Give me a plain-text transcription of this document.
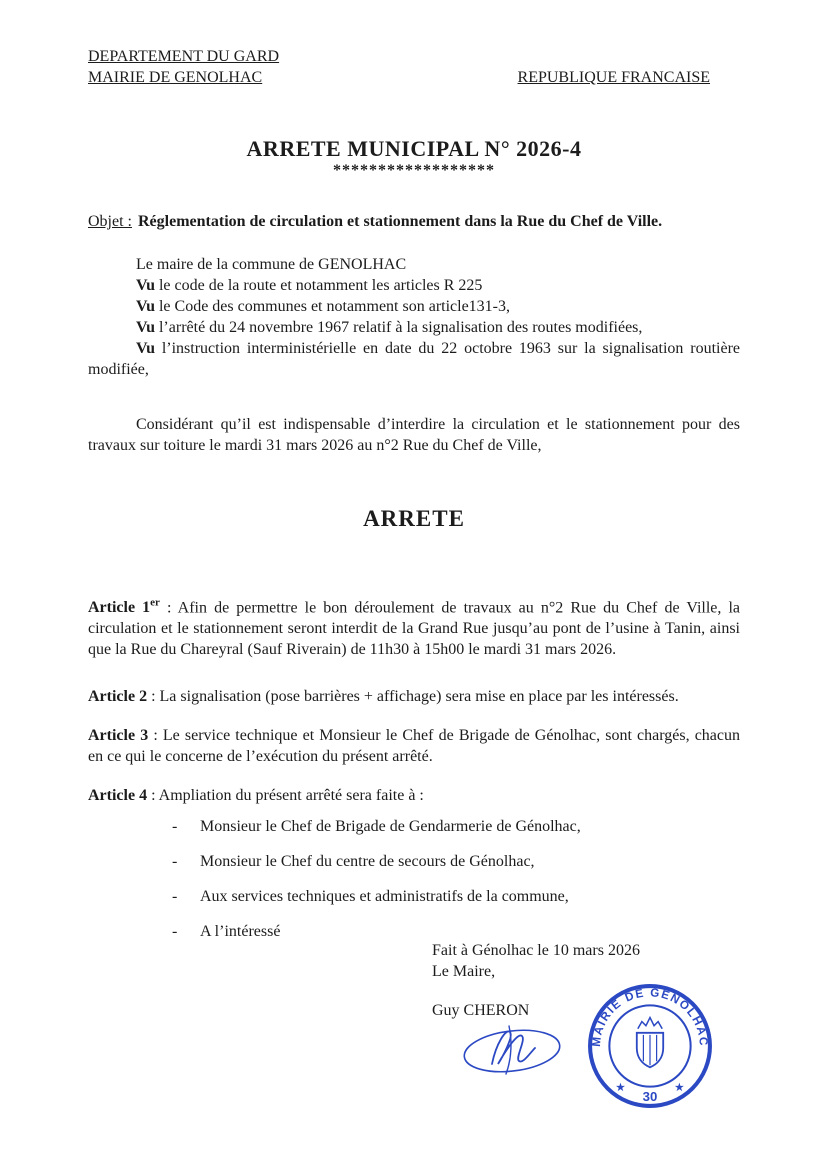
DEPARTEMENT DU GARD
MAIRIE DE GENOLHAC	REPUBLIQUE FRANCAISE
ARRETE MUNICIPAL N° 2026-4
******************

Objet : Réglementation de circulation et stationnement dans la Rue du Chef de Ville.

Le maire de la commune de GENOLHAC

Vu le code de la route et notamment les articles R 225

Vu le Code des communes et notamment son article131-3,

Vu l’arrêté du 24 novembre 1967 relatif à la signalisation des routes modifiées,

Vu l’instruction interministérielle en date du 22 octobre 1963 sur la signalisation routière modifiée,

Considérant qu’il est indispensable d’interdire la circulation et le stationnement pour des travaux sur toiture le mardi 31 mars 2026 au n°2 Rue du Chef de Ville,

ARRETE

Article 1er : Afin de permettre le bon déroulement de travaux au n°2 Rue du Chef de Ville, la circulation et le stationnement seront interdit de la Grand Rue jusqu’au pont de l’usine à Tanin, ainsi que la Rue du Chareyral (Sauf Riverain) de 11h30 à 15h00 le mardi 31 mars 2026.

Article 2 : La signalisation (pose barrières + affichage) sera mise en place par les intéressés.

Article 3 : Le service technique et Monsieur le Chef de Brigade de Génolhac, sont chargés, chacun en ce qui le concerne de l’exécution du présent arrêté.

Article 4 : Ampliation du présent arrêté sera faite à :

- Monsieur le Chef de Brigade de Gendarmerie de Génolhac,
- Monsieur le Chef du centre de secours de Génolhac,
- Aux services techniques et administratifs de la commune,
- A l’intéressé
Fait à Génolhac le 10 mars 2026
Le Maire,
Guy CHERON
MAIRIE DE GÉNOLHAC
★	★
30
